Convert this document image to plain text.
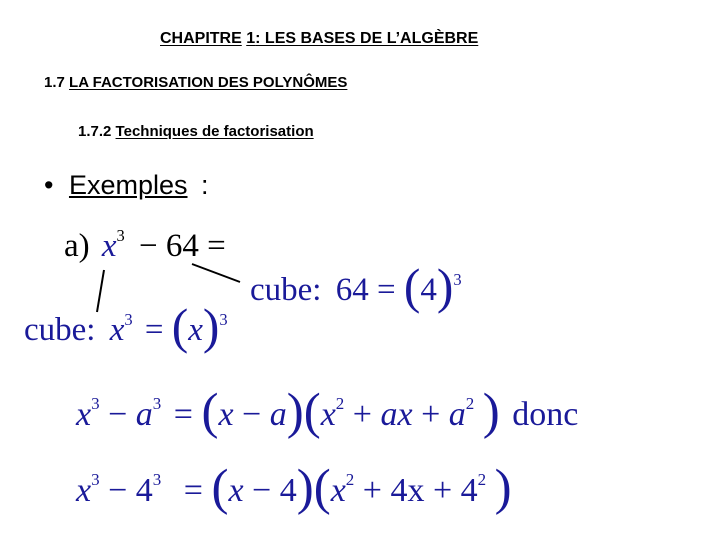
CHAPITRE 1: LES BASES DE L’ALGÈBRE
1.7 LA FACTORISATION DES POLYNÔMES
1.7.2 Techniques de factorisation
• Exemples :
a) $x^3 - 64$ =
cube: $64 = (4)^3$
cube: $x^3 = (x)^3$
$x^3 - a^3 = (x - a)(x^2$ + ax + $a^2$ ) donc
$x^3 - 4^3 = (x - 4)(x^2 + 4x + 4^2$ )
